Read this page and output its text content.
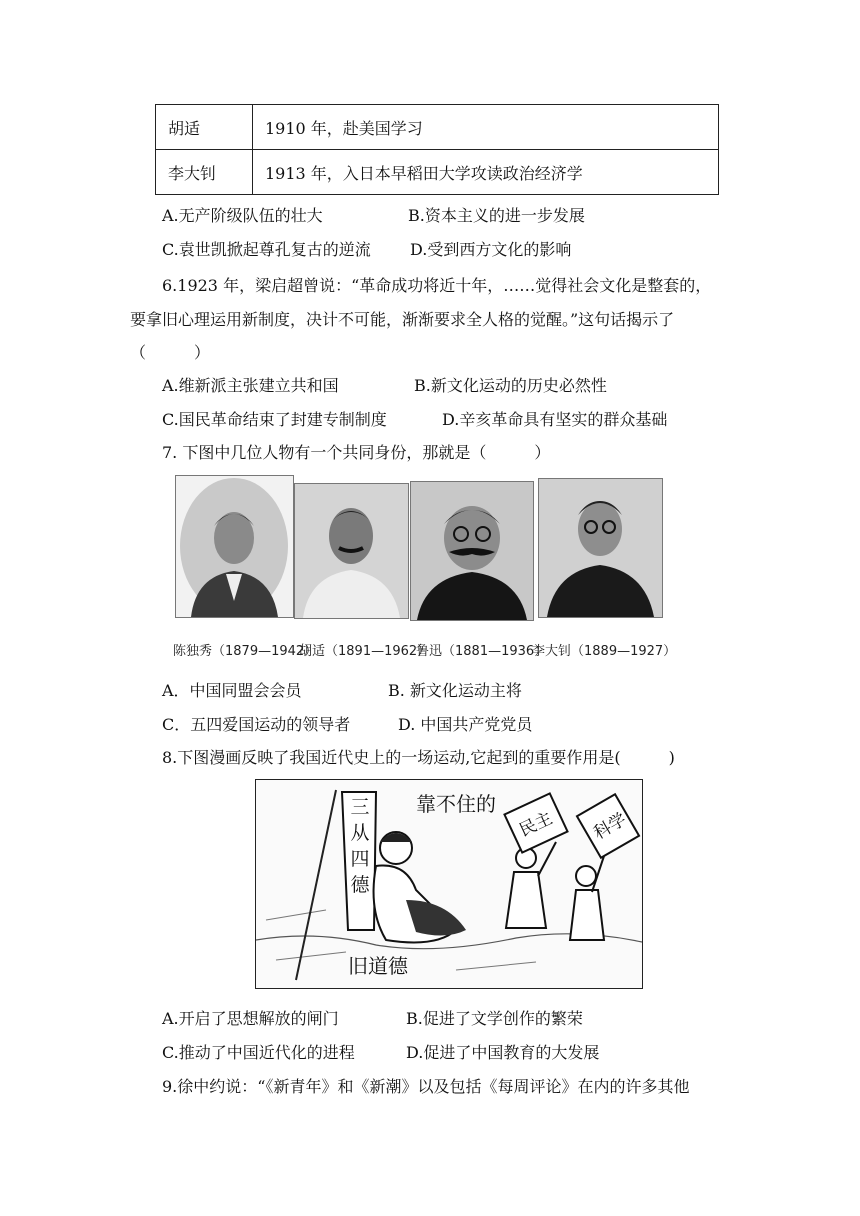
胡适	1910 年，赴美国学习
李大钊	1913 年，入日本早稻田大学攻读政治经济学
A.无产阶级队伍的壮大	B.资本主义的进一步发展
C.袁世凯掀起尊孔复古的逆流 D.受到西方文化的影响
6.1923 年，梁启超曾说：“革命成功将近十年，……觉得社会文化是整套的，
要拿旧心理运用新制度，决计不可能，渐渐要求全人格的觉醒。”这句话揭示了
（　　　）
A.维新派主张建立共和国	B.新文化运动的历史必然性
C.国民革命结束了封建专制制度	D.辛亥革命具有坚实的群众基础
7. 下图中几位人物有一个共同身份，那就是（　　　）
陈独秀（1879—1942）
胡适（1891—1962）
鲁迅（1881—1936）
李大钊（1889—1927）
A．中国同盟会会员	B. 新文化运动主将
C．五四爱国运动的领导者	D. 中国共产党党员
8.下图漫画反映了我国近代史上的一场运动,它起到的重要作用是(　　　)
靠不住的
三
从
四
德
旧道德
民主 科学
A.开启了思想解放的闸门	B.促进了文学创作的繁荣
C.推动了中国近代化的进程	D.促进了中国教育的大发展
9.徐中约说：“《新青年》和《新潮》以及包括《每周评论》在内的许多其他
